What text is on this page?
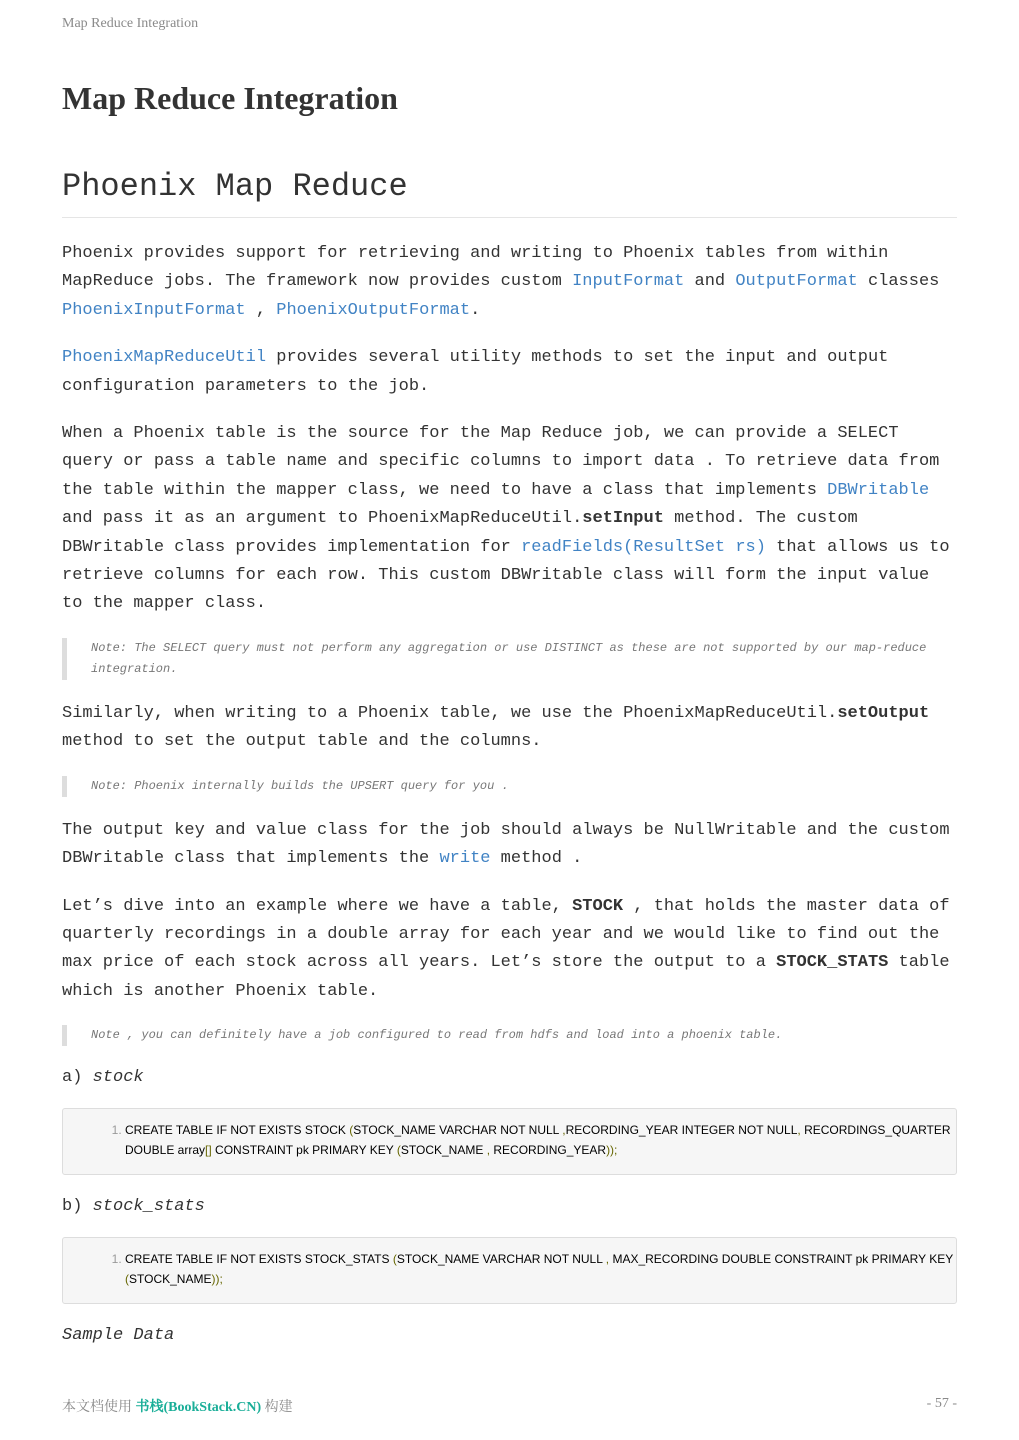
Map Reduce Integration
Map Reduce Integration
Phoenix Map Reduce

Phoenix provides support for retrieving and writing to Phoenix tables from within MapReduce jobs. The framework now provides custom InputFormat and OutputFormat classes PhoenixInputFormat , PhoenixOutputFormat.

PhoenixMapReduceUtil provides several utility methods to set the input and output configuration parameters to the job.

When a Phoenix table is the source for the Map Reduce job, we can provide a SELECT query or pass a table name and specific columns to import data . To retrieve data from the table within the mapper class, we need to have a class that implements DBWritable and pass it as an argument to PhoenixMapReduceUtil.setInput method. The custom DBWritable class provides implementation for readFields(ResultSet rs) that allows us to retrieve columns for each row. This custom DBWritable class will form the input value to the mapper class.

Note: The SELECT query must not perform any aggregation or use DISTINCT as these are not supported by our map-reduce integration.

Similarly, when writing to a Phoenix table, we use the PhoenixMapReduceUtil.setOutput method to set the output table and the columns.

Note: Phoenix internally builds the UPSERT query for you .

The output key and value class for the job should always be NullWritable and the custom DBWritable class that implements the write method .

Let’s dive into an example where we have a table, STOCK , that holds the master data of quarterly recordings in a double array for each year and we would like to find out the max price of each stock across all years. Let’s store the output to a STOCK_STATS table which is another Phoenix table.

Note , you can definitely have a job configured to read from hdfs and load into a phoenix table.
a) stock
1. CREATE TABLE IF NOT EXISTS STOCK (STOCK_NAME VARCHAR NOT NULL ,RECORDING_YEAR INTEGER NOT NULL, RECORDINGS_QUARTER DOUBLE array[] CONSTRAINT pk PRIMARY KEY (STOCK_NAME , RECORDING_YEAR));
b) stock_stats
1. CREATE TABLE IF NOT EXISTS STOCK_STATS (STOCK_NAME VARCHAR NOT NULL , MAX_RECORDING DOUBLE CONSTRAINT pk PRIMARY KEY (STOCK_NAME));
Sample Data
本文档使用 书栈(BookStack.CN) 构建	- 57 -
